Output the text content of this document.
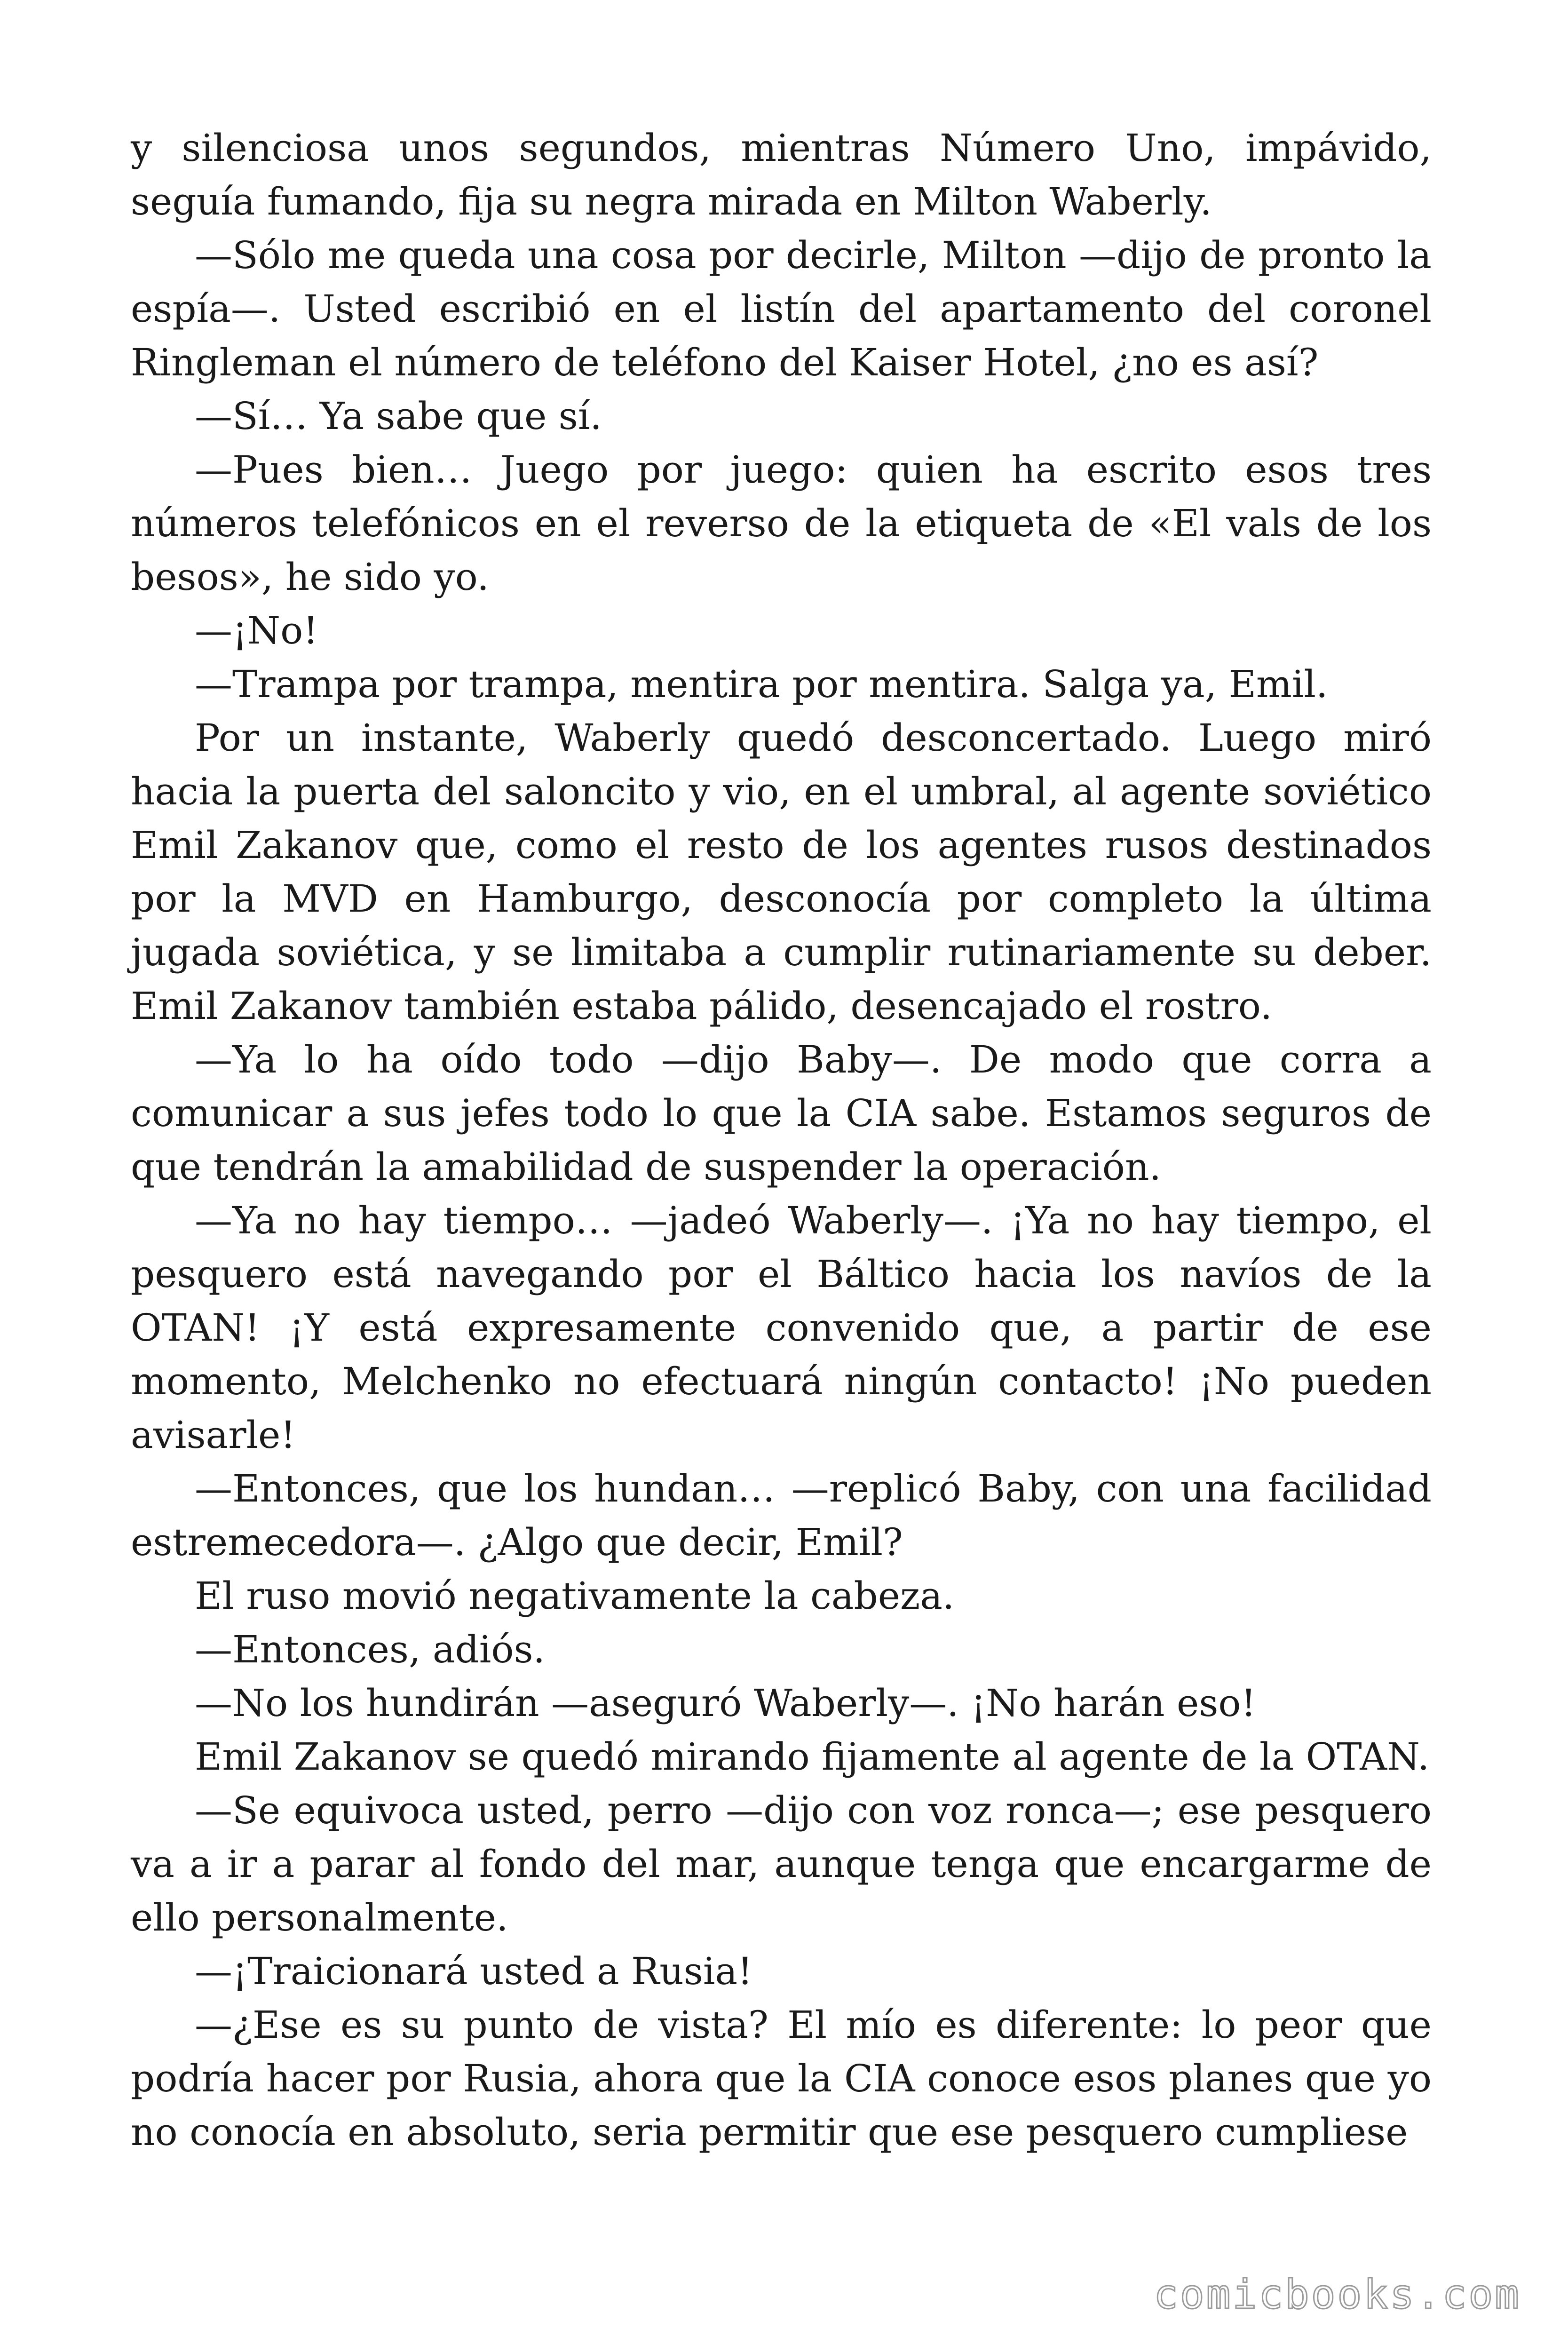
y silenciosa unos segundos, mientras Número Uno, impávido, seguía fumando, fija su negra mirada en Milton Waberly.

—Sólo me queda una cosa por decirle, Milton —dijo de pronto la espía—. Usted escribió en el listín del apartamento del coronel Ringleman el número de teléfono del Kaiser Hotel, ¿no es así?

—Sí… Ya sabe que sí.

—Pues bien… Juego por juego: quien ha escrito esos tres números telefónicos en el reverso de la etiqueta de «El vals de los besos», he sido yo.

—¡No!

—Trampa por trampa, mentira por mentira. Salga ya, Emil.

Por un instante, Waberly quedó desconcertado. Luego miró hacia la puerta del saloncito y vio, en el umbral, al agente soviético Emil Zakanov que, como el resto de los agentes rusos destinados por la MVD en Hamburgo, desconocía por completo la última jugada soviética, y se limitaba a cumplir rutinariamente su deber. Emil Zakanov también estaba pálido, desencajado el rostro.

—Ya lo ha oído todo —dijo Baby—. De modo que corra a comunicar a sus jefes todo lo que la CIA sabe. Estamos seguros de que tendrán la amabilidad de suspender la operación.

—Ya no hay tiempo… —jadeó Waberly—. ¡Ya no hay tiempo, el pesquero está navegando por el Báltico hacia los navíos de la OTAN! ¡Y está expresamente convenido que, a partir de ese momento, Melchenko no efectuará ningún contacto! ¡No pueden avisarle!

—Entonces, que los hundan… —replicó Baby, con una facilidad estremecedora—. ¿Algo que decir, Emil?

El ruso movió negativamente la cabeza.

—Entonces, adiós.

—No los hundirán —aseguró Waberly—. ¡No harán eso!

Emil Zakanov se quedó mirando fijamente al agente de la OTAN.

—Se equivoca usted, perro —dijo con voz ronca—; ese pesquero va a ir a parar al fondo del mar, aunque tenga que encargarme de ello personalmente.

—¡Traicionará usted a Rusia!

—¿Ese es su punto de vista? El mío es diferente: lo peor que podría hacer por Rusia, ahora que la CIA conoce esos planes que yo no conocía en absoluto, seria permitir que ese pesquero cumpliese

comicbooks.com
